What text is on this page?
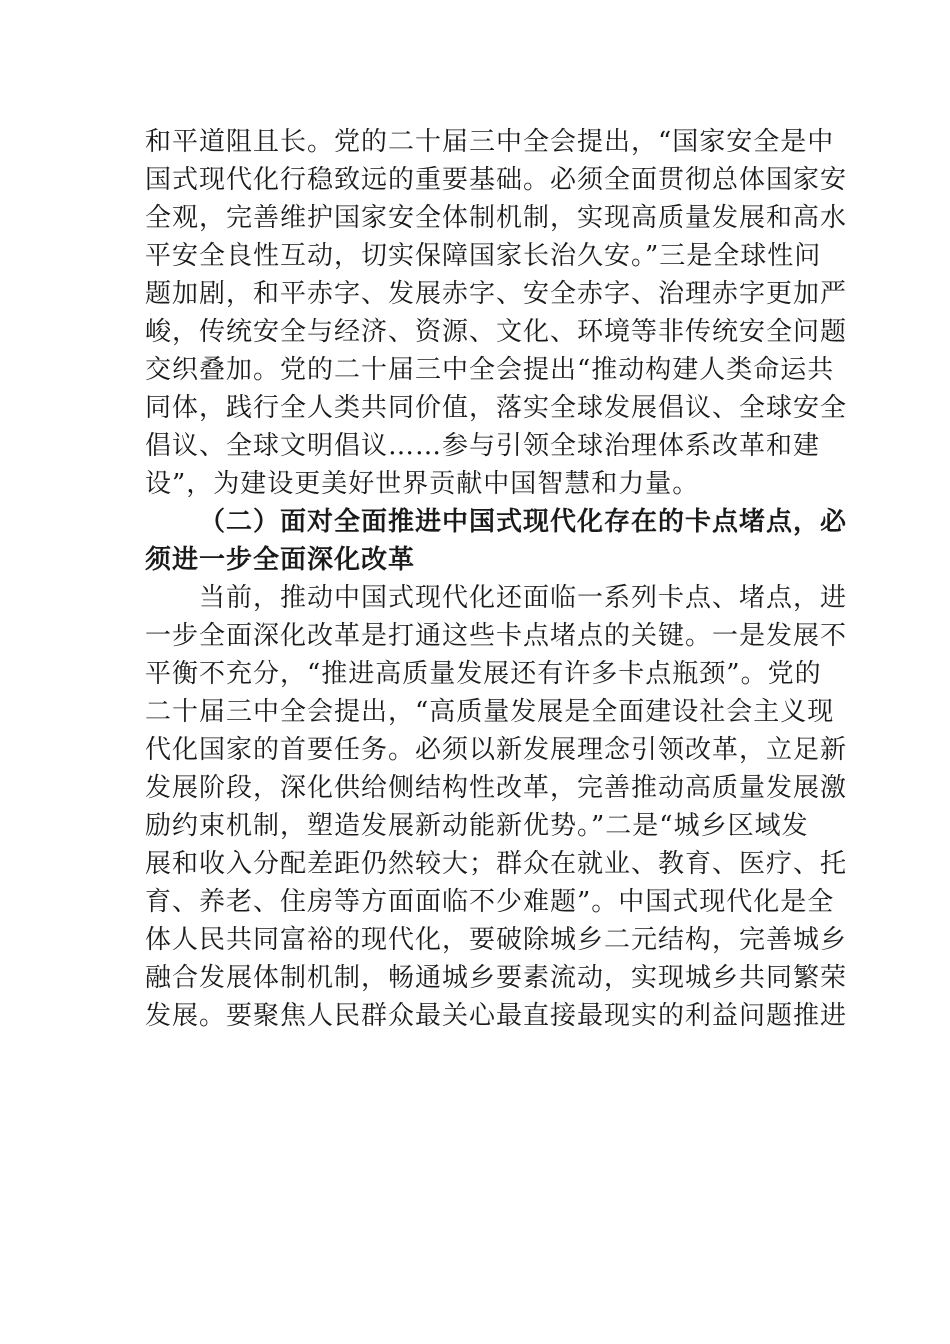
和平道阻且长。党的二十届三中全会提出，“国家安全是中
国式现代化行稳致远的重要基础。必须全面贯彻总体国家安
全观，完善维护国家安全体制机制，实现高质量发展和高水
平安全良性互动，切实保障国家长治久安。”三是全球性问
题加剧，和平赤字、发展赤字、安全赤字、治理赤字更加严
峻，传统安全与经济、资源、文化、环境等非传统安全问题
交织叠加。党的二十届三中全会提出“推动构建人类命运共
同体，践行全人类共同价值，落实全球发展倡议、全球安全
倡议、全球文明倡议……参与引领全球治理体系改革和建
设”，为建设更美好世界贡献中国智慧和力量。
（二）面对全面推进中国式现代化存在的卡点堵点，必
须进一步全面深化改革
当前，推动中国式现代化还面临一系列卡点、堵点，进
一步全面深化改革是打通这些卡点堵点的关键。一是发展不
平衡不充分，“推进高质量发展还有许多卡点瓶颈”。党的
二十届三中全会提出，“高质量发展是全面建设社会主义现
代化国家的首要任务。必须以新发展理念引领改革，立足新
发展阶段，深化供给侧结构性改革，完善推动高质量发展激
励约束机制，塑造发展新动能新优势。”二是“城乡区域发
展和收入分配差距仍然较大；群众在就业、教育、医疗、托
育、养老、住房等方面面临不少难题”。中国式现代化是全
体人民共同富裕的现代化，要破除城乡二元结构，完善城乡
融合发展体制机制，畅通城乡要素流动，实现城乡共同繁荣
发展。要聚焦人民群众最关心最直接最现实的利益问题推进
